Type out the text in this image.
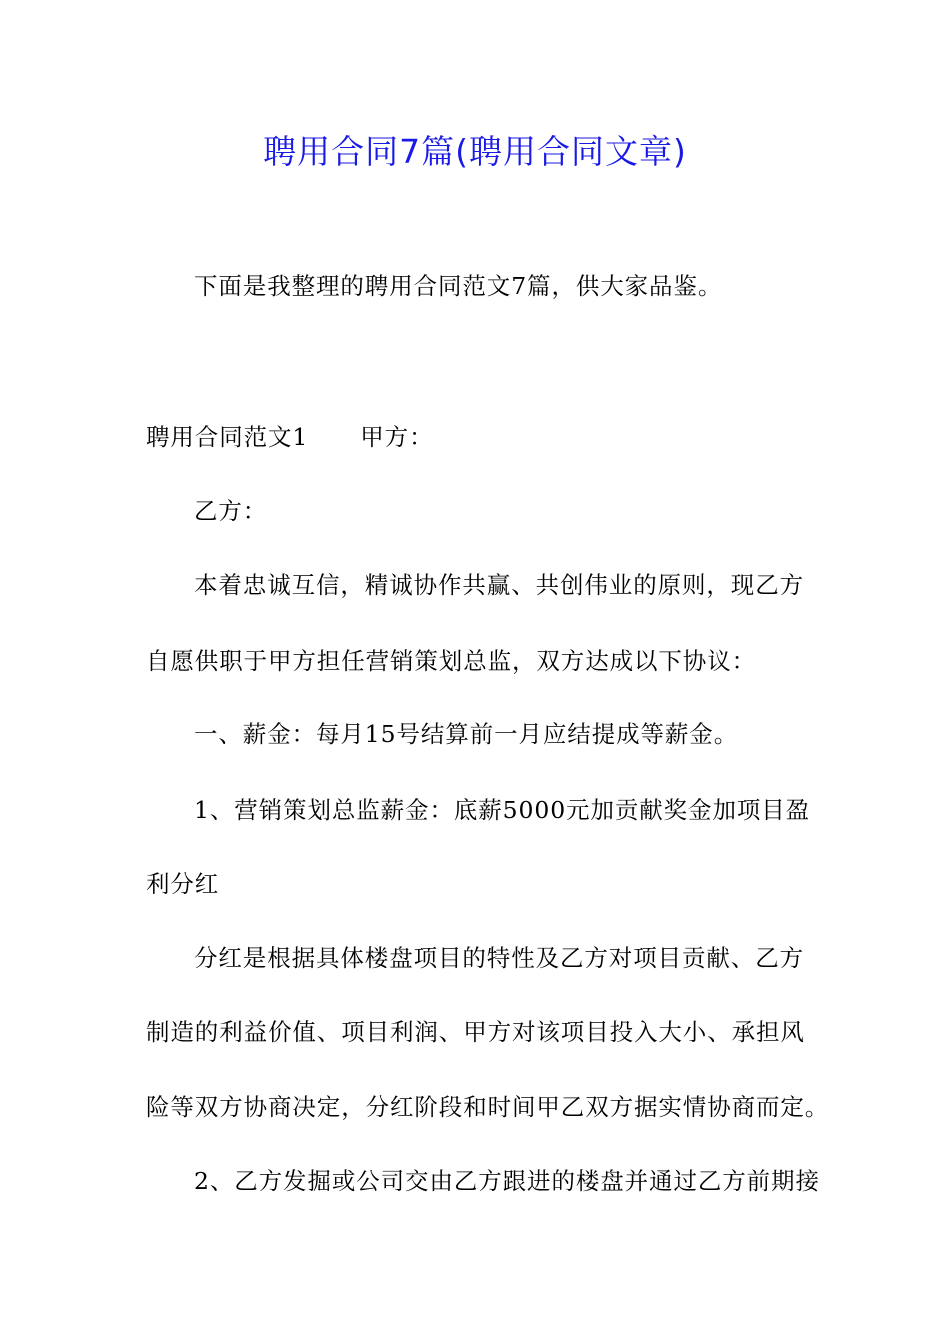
聘用合同7篇(聘用合同文章)
下面是我整理的聘用合同范文7篇，供大家品鉴。
聘用合同范文1 甲方：
乙方：
本着忠诚互信，精诚协作共赢、共创伟业的原则，现乙方
自愿供职于甲方担任营销策划总监，双方达成以下协议：
一、薪金：每月15号结算前一月应结提成等薪金。
1、营销策划总监薪金：底薪5000元加贡献奖金加项目盈
利分红
分红是根据具体楼盘项目的特性及乙方对项目贡献、乙方
制造的利益价值、项目利润、甲方对该项目投入大小、承担风
险等双方协商决定，分红阶段和时间甲乙双方据实情协商而定。
2、乙方发掘或公司交由乙方跟进的楼盘并通过乙方前期接
